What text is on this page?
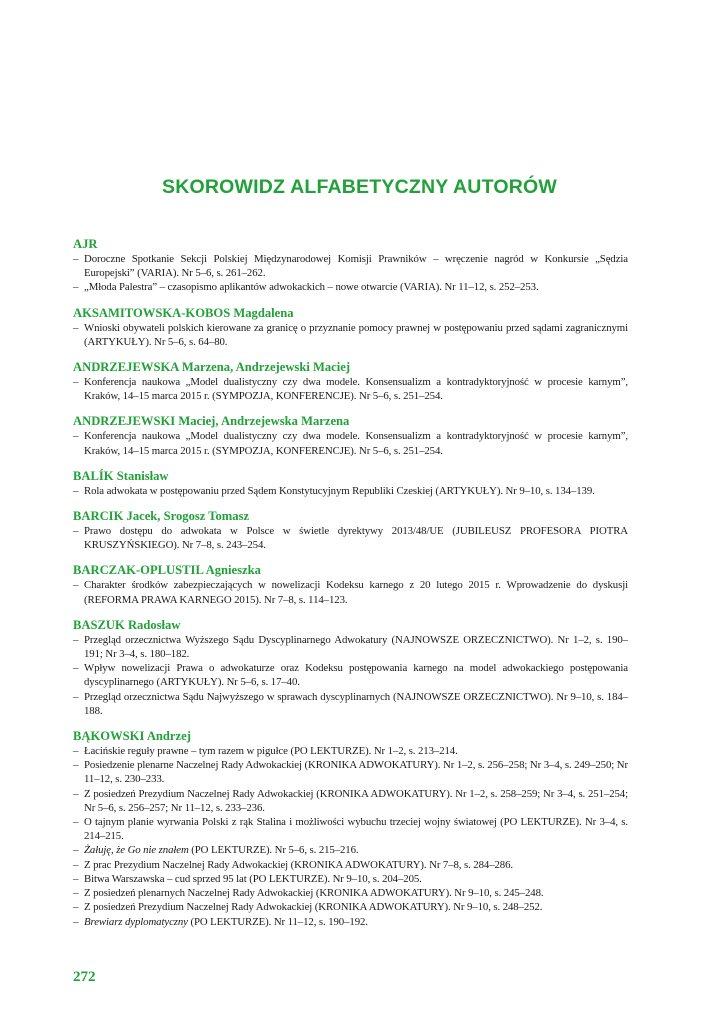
SKOROWIDZ ALFABETYCZNY AUTORÓW
AJR
– Doroczne Spotkanie Sekcji Polskiej Międzynarodowej Komisji Prawników – wręczenie nagród w Konkursie „Sędzia Europejski” (VARIA). Nr 5–6, s. 261–262.
– „Młoda Palestra” – czasopismo aplikantów adwokackich – nowe otwarcie (VARIA). Nr 11–12, s. 252–253.
AKSAMITOWSKA-KOBOS Magdalena
– Wnioski obywateli polskich kierowane za granicę o przyznanie pomocy prawnej w postępowaniu przed sądami zagranicznymi (ARTYKUŁY). Nr 5–6, s. 64–80.
ANDRZEJEWSKA Marzena, Andrzejewski Maciej
– Konferencja naukowa „Model dualistyczny czy dwa modele. Konsensualizm a kontradyktoryjność w procesie karnym”, Kraków, 14–15 marca 2015 r. (SYMPOZJA, KONFERENCJE). Nr 5–6, s. 251–254.
ANDRZEJEWSKI Maciej, Andrzejewska Marzena
– Konferencja naukowa „Model dualistyczny czy dwa modele. Konsensualizm a kontradyktoryjność w procesie karnym”, Kraków, 14–15 marca 2015 r. (SYMPOZJA, KONFERENCJE). Nr 5–6, s. 251–254.
BALÍK Stanisław
– Rola adwokata w postępowaniu przed Sądem Konstytucyjnym Republiki Czeskiej (ARTYKUŁY). Nr 9–10, s. 134–139.
BARCIK Jacek, Srogosz Tomasz
– Prawo dostępu do adwokata w Polsce w świetle dyrektywy 2013/48/UE (JUBILEUSZ PROFESORA PIOTRA KRUSZYŃSKIEGO). Nr 7–8, s. 243–254.
BARCZAK-OPLUSTIL Agnieszka
– Charakter środków zabezpieczających w nowelizacji Kodeksu karnego z 20 lutego 2015 r. Wprowadzenie do dyskusji (REFORMA PRAWA KARNEGO 2015). Nr 7–8, s. 114–123.
BASZUK Radosław
– Przegląd orzecznictwa Wyższego Sądu Dyscyplinarnego Adwokatury (NAJNOWSZE ORZECZNICTWO). Nr 1–2, s. 190–191; Nr 3–4, s. 180–182.
– Wpływ nowelizacji Prawa o adwokaturze oraz Kodeksu postępowania karnego na model adwokackiego postępowania dyscyplinarnego (ARTYKUŁY). Nr 5–6, s. 17–40.
– Przegląd orzecznictwa Sądu Najwyższego w sprawach dyscyplinarnych (NAJNOWSZE ORZECZNICTWO). Nr 9–10, s. 184–188.
BĄKOWSKI Andrzej
– Łacińskie reguły prawne – tym razem w pigułce (PO LEKTURZE). Nr 1–2, s. 213–214.
– Posiedzenie plenarne Naczelnej Rady Adwokackiej (KRONIKA ADWOKATURY). Nr 1–2, s. 256–258; Nr 3–4, s. 249–250; Nr 11–12, s. 230–233.
– Z posiedzeń Prezydium Naczelnej Rady Adwokackiej (KRONIKA ADWOKATURY). Nr 1–2, s. 258–259; Nr 3–4, s. 251–254; Nr 5–6, s. 256–257; Nr 11–12, s. 233–236.
– O tajnym planie wyrwania Polski z rąk Stalina i możliwości wybuchu trzeciej wojny światowej (PO LEKTURZE). Nr 3–4, s. 214–215.
– Żałuję, że Go nie znałem (PO LEKTURZE). Nr 5–6, s. 215–216.
– Z prac Prezydium Naczelnej Rady Adwokackiej (KRONIKA ADWOKATURY). Nr 7–8, s. 284–286.
– Bitwa Warszawska – cud sprzed 95 lat (PO LEKTURZE). Nr 9–10, s. 204–205.
– Z posiedzeń plenarnych Naczelnej Rady Adwokackiej (KRONIKA ADWOKATURY). Nr 9–10, s. 245–248.
– Z posiedzeń Prezydium Naczelnej Rady Adwokackiej (KRONIKA ADWOKATURY). Nr 9–10, s. 248–252.
– Brewiarz dyplomatyczny (PO LEKTURZE). Nr 11–12, s. 190–192.
272
